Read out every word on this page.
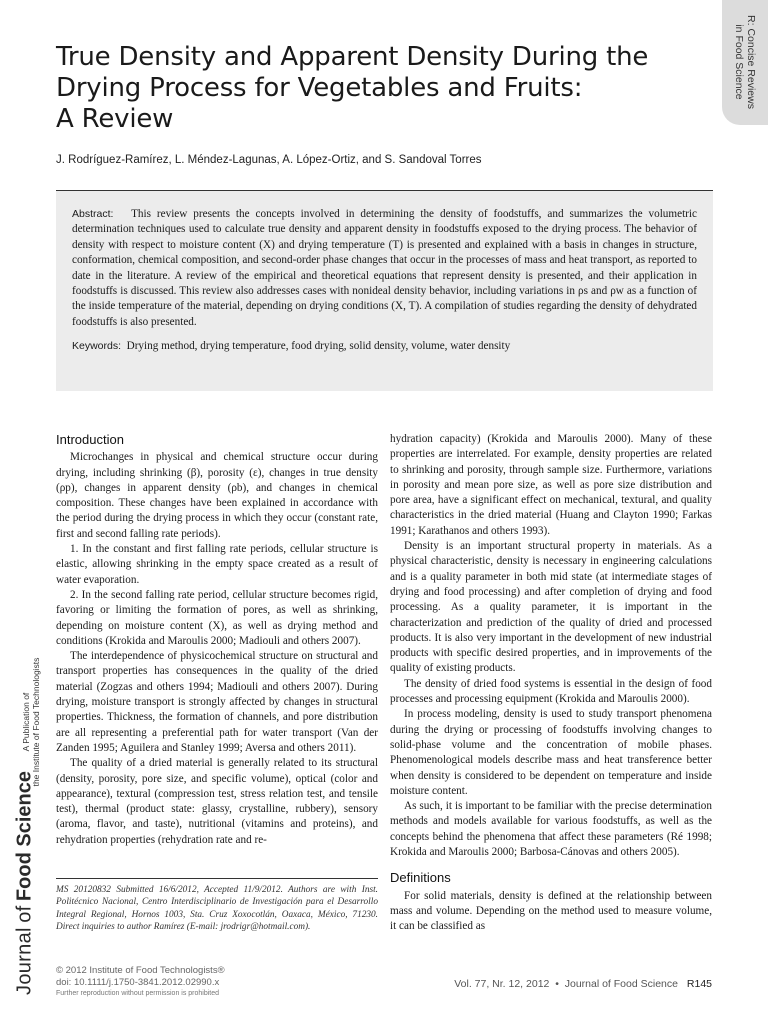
R: Concise Reviews
in Food Science
True Density and Apparent Density During the
Drying Process for Vegetables and Fruits:
A Review
J. Rodríguez-Ramírez, L. Méndez-Lagunas, A. López-Ortiz, and S. Sandoval Torres

Abstract: This review presents the concepts involved in determining the density of foodstuffs, and summarizes the volumetric determination techniques used to calculate true density and apparent density in foodstuffs exposed to the drying process. The behavior of density with respect to moisture content (X) and drying temperature (T) is presented and explained with a basis in changes in structure, conformation, chemical composition, and second-order phase changes that occur in the processes of mass and heat transport, as reported to date in the literature. A review of the empirical and theoretical equations that represent density is presented, and their application in foodstuffs is discussed. This review also addresses cases with nonideal density behavior, including variations in ρs and ρw as a function of the inside temperature of the material, depending on drying conditions (X, T). A compilation of studies regarding the density of dehydrated foodstuffs is also presented.

Keywords: Drying method, drying temperature, food drying, solid density, volume, water density
Introduction

Microchanges in physical and chemical structure occur during drying, including shrinking (β), porosity (ε), changes in true density (ρp), changes in apparent density (ρb), and changes in chemical composition. These changes have been explained in accordance with the period during the drying process in which they occur (constant rate, first and second falling rate periods).

1. In the constant and first falling rate periods, cellular structure is elastic, allowing shrinking in the empty space created as a result of water evaporation.

2. In the second falling rate period, cellular structure becomes rigid, favoring or limiting the formation of pores, as well as shrinking, depending on moisture content (X), as well as drying method and conditions (Krokida and Maroulis 2000; Madiouli and others 2007).

The interdependence of physicochemical structure on structural and transport properties has consequences in the quality of the dried material (Zogzas and others 1994; Madiouli and others 2007). During drying, moisture transport is strongly affected by changes in structural properties. Thickness, the formation of channels, and pore distribution are all representing a preferential path for water transport (Van der Zanden 1995; Aguilera and Stanley 1999; Aversa and others 2011).

The quality of a dried material is generally related to its structural (density, porosity, pore size, and specific volume), optical (color and appearance), textural (compression test, stress relation test, and tensile test), thermal (product state: glassy, crystalline, rubbery), sensory (aroma, flavor, and taste), nutritional (vitamins and proteins), and rehydration properties (rehydration rate and re-

hydration capacity) (Krokida and Maroulis 2000). Many of these properties are interrelated. For example, density properties are related to shrinking and porosity, through sample size. Furthermore, variations in porosity and mean pore size, as well as pore size distribution and pore area, have a significant effect on mechanical, textural, and quality characteristics in the dried material (Huang and Clayton 1990; Farkas 1991; Karathanos and others 1993).

Density is an important structural property in materials. As a physical characteristic, density is necessary in engineering calculations and is a quality parameter in both mid state (at intermediate stages of drying and food processing) and after completion of drying and food processing. As a quality parameter, it is important in the characterization and prediction of the quality of dried and processed products. It is also very important in the development of new industrial products with specific desired properties, and in improvements of the quality of existing products.

The density of dried food systems is essential in the design of food processes and processing equipment (Krokida and Maroulis 2000).

In process modeling, density is used to study transport phenomena during the drying or processing of foodstuffs involving changes to solid-phase volume and the concentration of mobile phases. Phenomenological models describe mass and heat transference better when density is considered to be dependent on temperature and inside moisture content.

As such, it is important to be familiar with the precise determination methods and models available for various foodstuffs, as well as the concepts behind the phenomena that affect these parameters (Ré 1998; Krokida and Maroulis 2000; Barbosa-Cánovas and others 2005).

Definitions

For solid materials, density is defined at the relationship between mass and volume. Depending on the method used to measure volume, it can be classified as

MS 20120832 Submitted 16/6/2012, Accepted 11/9/2012. Authors are with Inst. Politécnico Nacional, Centro Interdisciplinario de Investigación para el Desarrollo Integral Regional, Hornos 1003, Sta. Cruz Xoxocotlán, Oaxaca, México, 71230. Direct inquiries to author Ramírez (E-mail: jrodrigr@hotmail.com).
Journal

of

Food Science
A Publication of the Institute of Food Technologists
© 2012 Institute of Food Technologists®
doi: 10.1111/j.1750-3841.2012.02990.x
Further reproduction without permission is prohibited
Vol. 77, Nr. 12, 2012  •  Journal of Food Science R145
